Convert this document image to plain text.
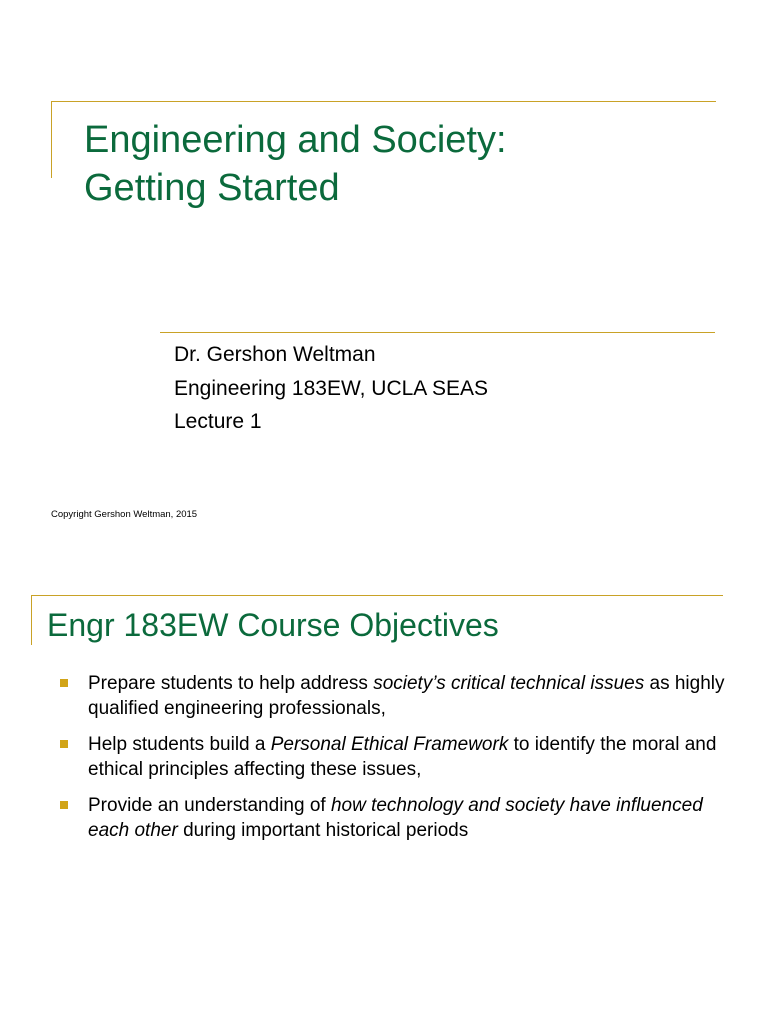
Engineering and Society:
Getting Started
Dr. Gershon Weltman
Engineering 183EW, UCLA SEAS
Lecture 1
Copyright Gershon Weltman, 2015
Engr 183EW Course Objectives
Prepare students to help address society’s critical technical issues as highly qualified engineering professionals,
Help students build a Personal Ethical Framework to identify the moral and ethical principles affecting these issues,
Provide an understanding of how technology and society have influenced each other during important historical periods
